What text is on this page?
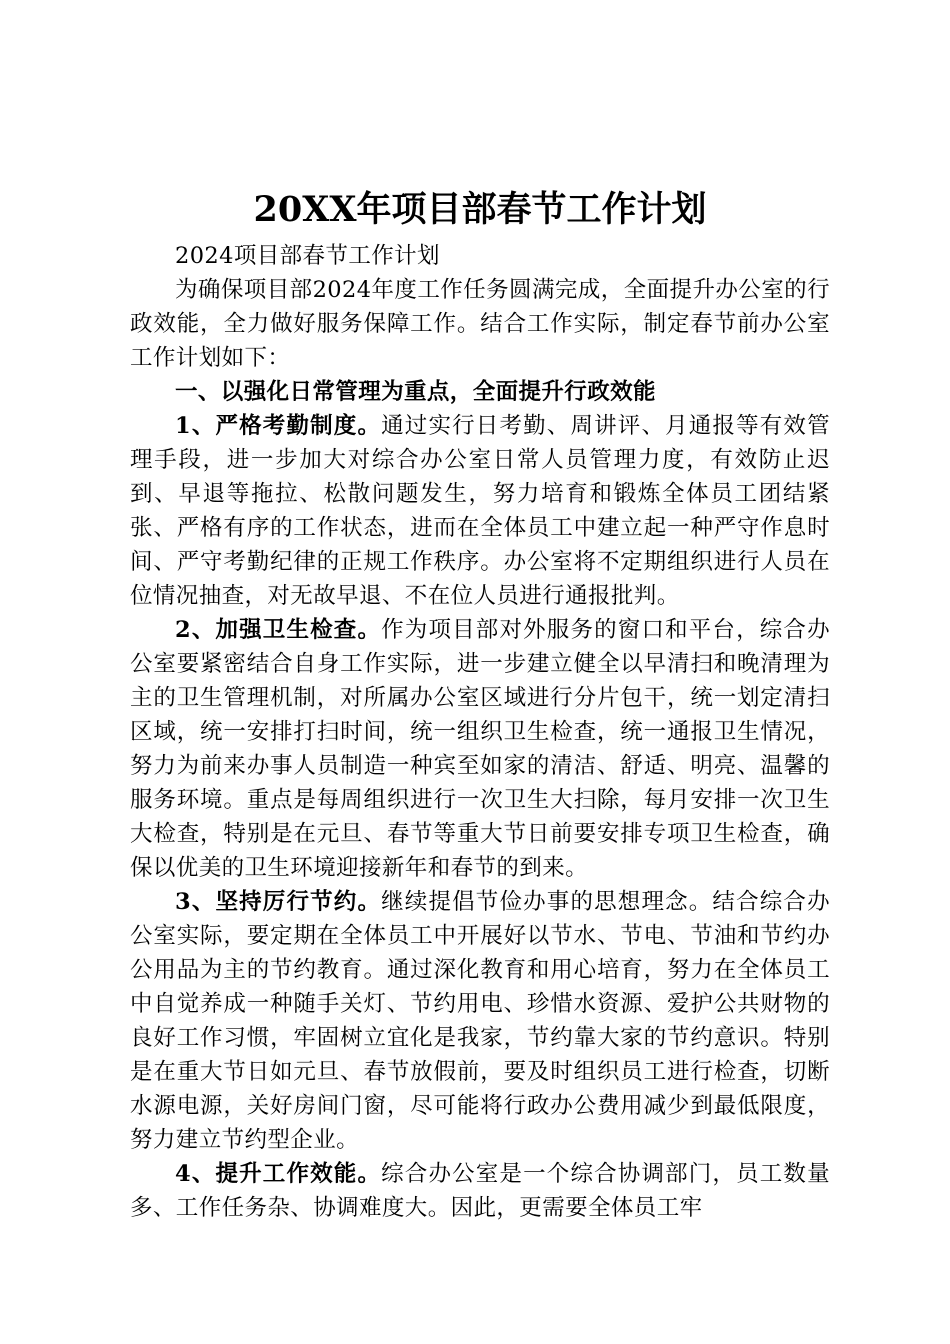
20XX年项目部春节工作计划

2024项目部春节工作计划

为确保项目部2024年度工作任务圆满完成，全面提升办公室的行政效能，全力做好服务保障工作。结合工作实际，制定春节前办公室工作计划如下：

一、以强化日常管理为重点，全面提升行政效能

1、严格考勤制度。通过实行日考勤、周讲评、月通报等有效管理手段，进一步加大对综合办公室日常人员管理力度，有效防止迟到、早退等拖拉、松散问题发生，努力培育和锻炼全体员工团结紧张、严格有序的工作状态，进而在全体员工中建立起一种严守作息时间、严守考勤纪律的正规工作秩序。办公室将不定期组织进行人员在位情况抽查，对无故早退、不在位人员进行通报批判。

2、加强卫生检查。作为项目部对外服务的窗口和平台，综合办公室要紧密结合自身工作实际，进一步建立健全以早清扫和晚清理为主的卫生管理机制，对所属办公室区域进行分片包干，统一划定清扫区域，统一安排打扫时间，统一组织卫生检查，统一通报卫生情况，努力为前来办事人员制造一种宾至如家的清洁、舒适、明亮、温馨的服务环境。重点是每周组织进行一次卫生大扫除，每月安排一次卫生大检查，特别是在元旦、春节等重大节日前要安排专项卫生检查，确保以优美的卫生环境迎接新年和春节的到来。

3、坚持厉行节约。继续提倡节俭办事的思想理念。结合综合办公室实际，要定期在全体员工中开展好以节水、节电、节油和节约办公用品为主的节约教育。通过深化教育和用心培育，努力在全体员工中自觉养成一种随手关灯、节约用电、珍惜水资源、爱护公共财物的良好工作习惯，牢固树立宜化是我家，节约靠大家的节约意识。特别是在重大节日如元旦、春节放假前，要及时组织员工进行检查，切断水源电源，关好房间门窗，尽可能将行政办公费用减少到最低限度，努力建立节约型企业。

4、提升工作效能。综合办公室是一个综合协调部门，员工数量多、工作任务杂、协调难度大。因此，更需要全体员工牢
